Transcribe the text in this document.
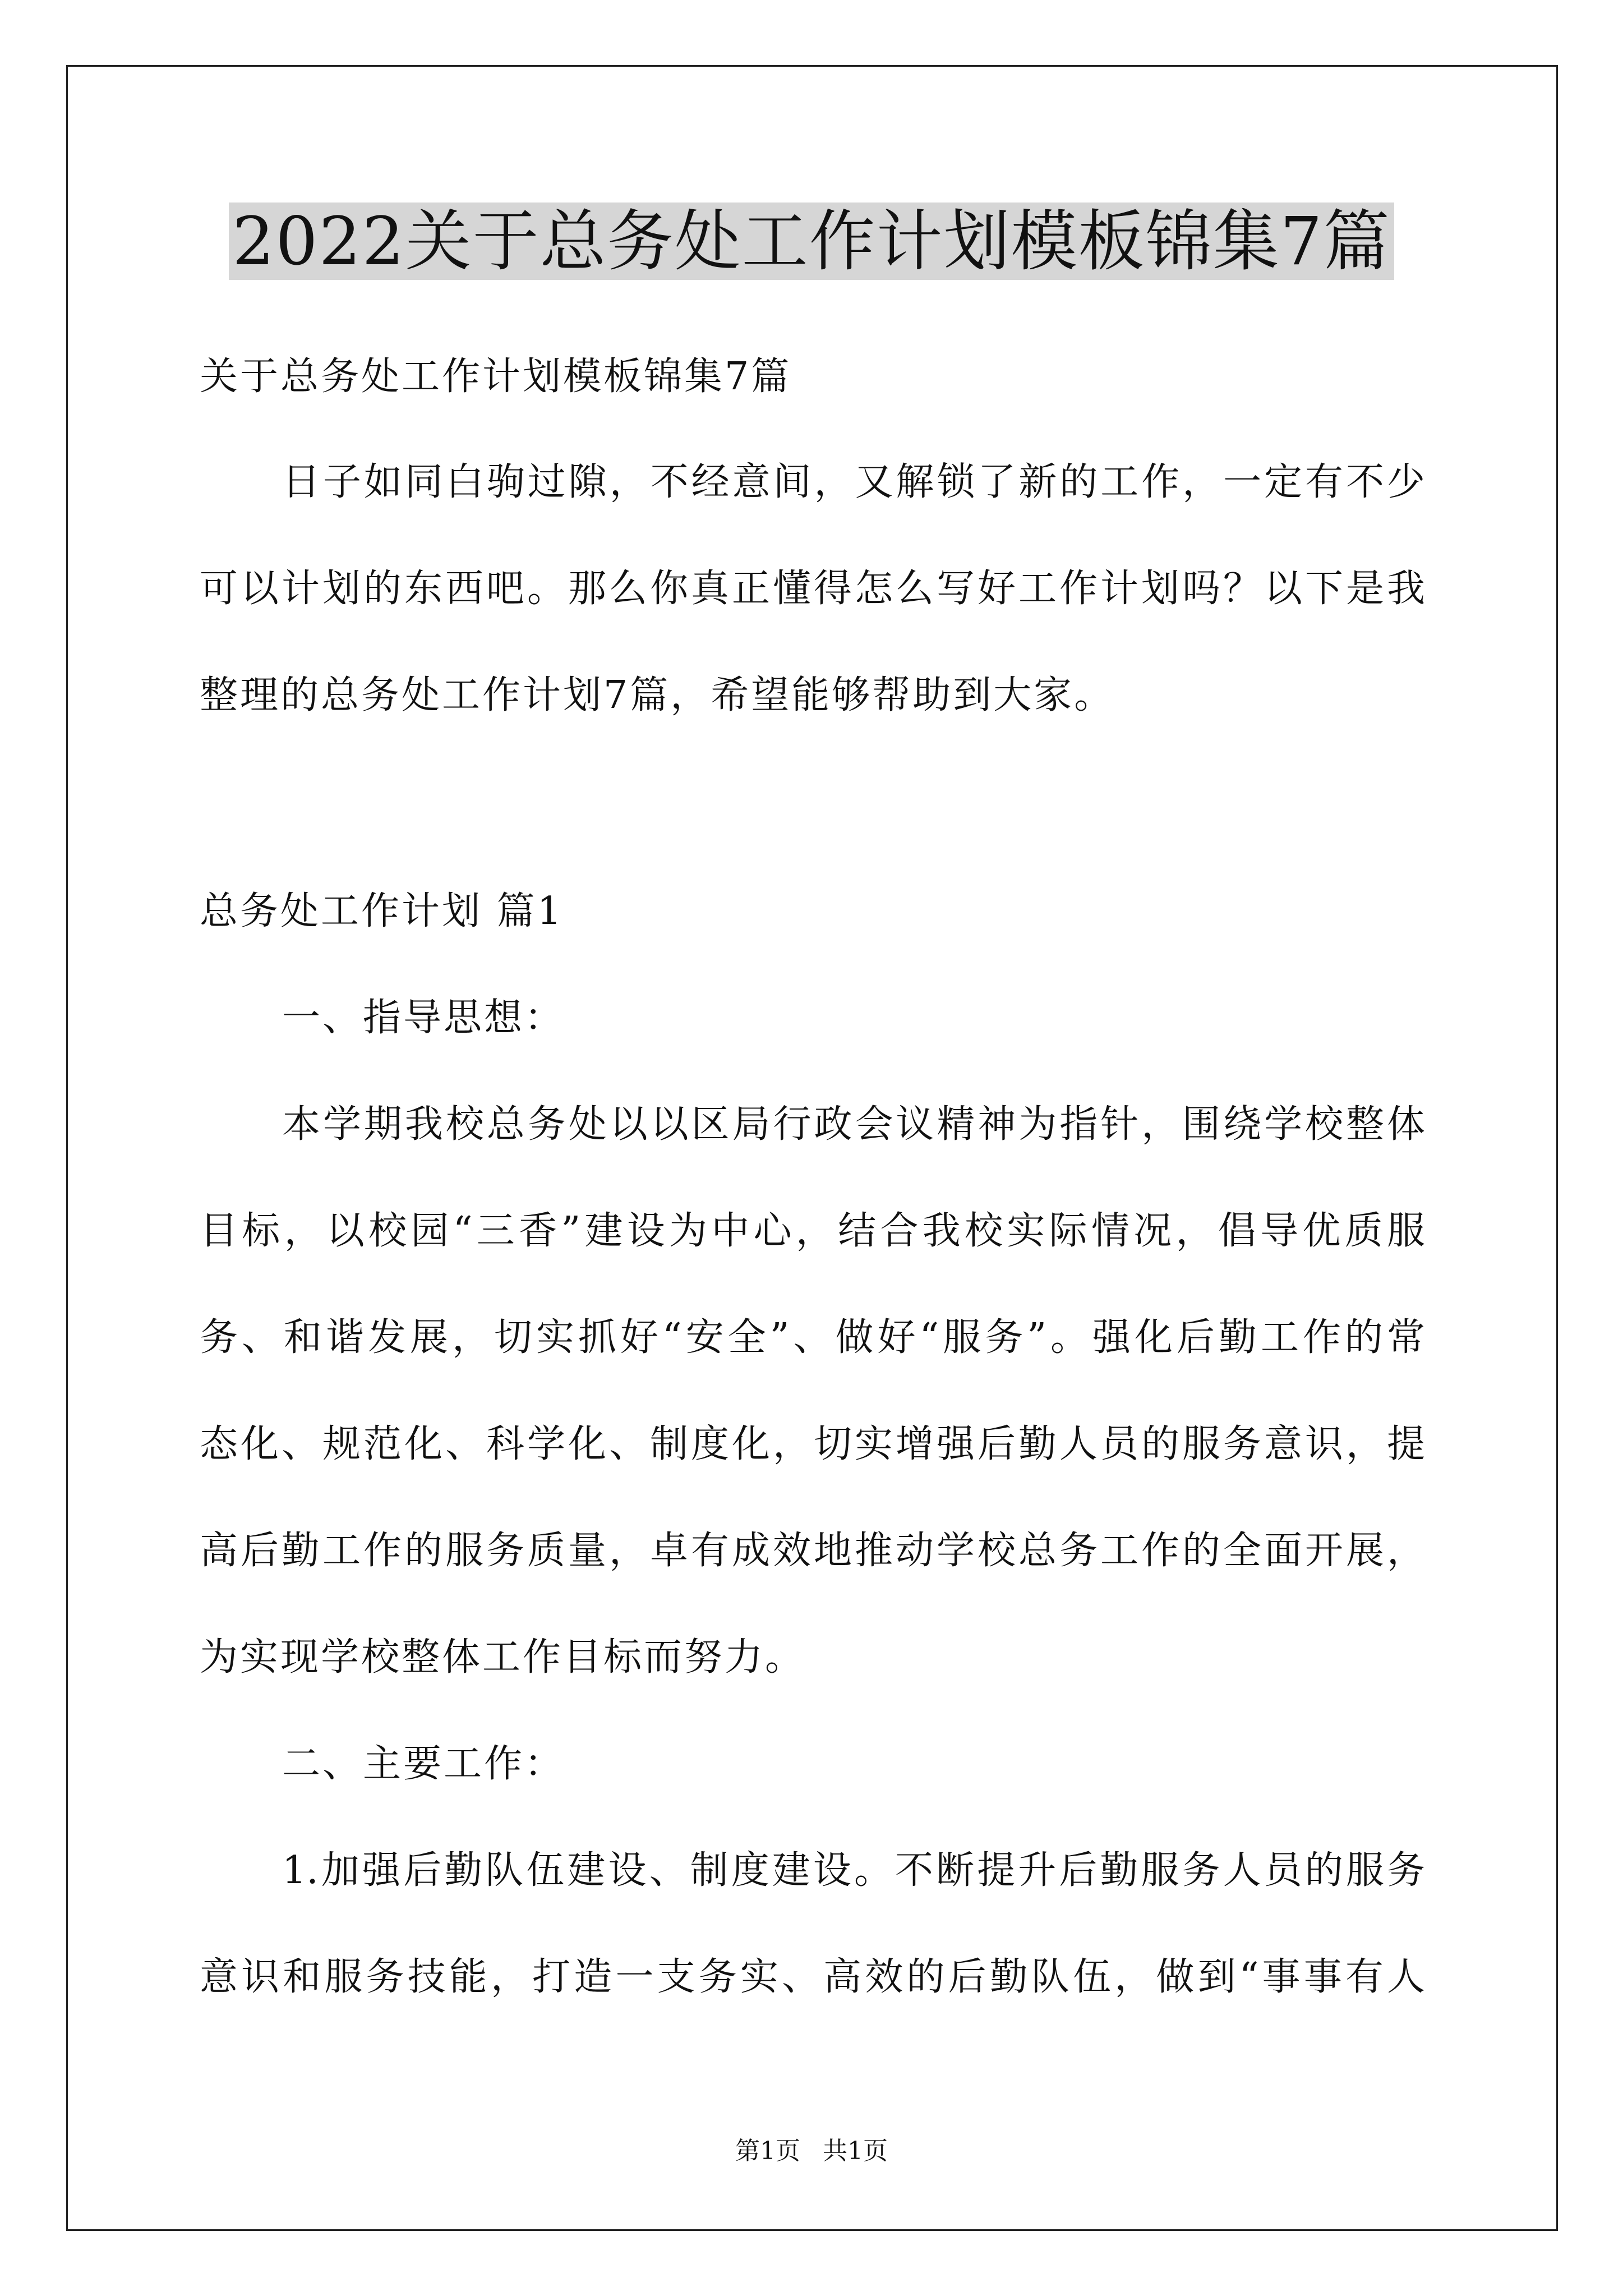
2022关于总务处工作计划模板锦集7篇
关于总务处工作计划模板锦集7篇
日子如同白驹过隙，不经意间，又解锁了新的工作，一定有不少
可以计划的东西吧。那么你真正懂得怎么写好工作计划吗？以下是我
整理的总务处工作计划7篇，希望能够帮助到大家。
总务处工作计划 篇1
一、指导思想：
本学期我校总务处以以区局行政会议精神为指针，围绕学校整体
目标，以校园“三香”建设为中心，结合我校实际情况，倡导优质服
务、和谐发展，切实抓好“安全”、做好“服务”。强化后勤工作的常
态化、规范化、科学化、制度化，切实增强后勤人员的服务意识，提
高后勤工作的服务质量，卓有成效地推动学校总务工作的全面开展，
为实现学校整体工作目标而努力。
二、主要工作：
1.加强后勤队伍建设、制度建设。不断提升后勤服务人员的服务
意识和服务技能，打造一支务实、高效的后勤队伍，做到“事事有人
第1页 共1页
